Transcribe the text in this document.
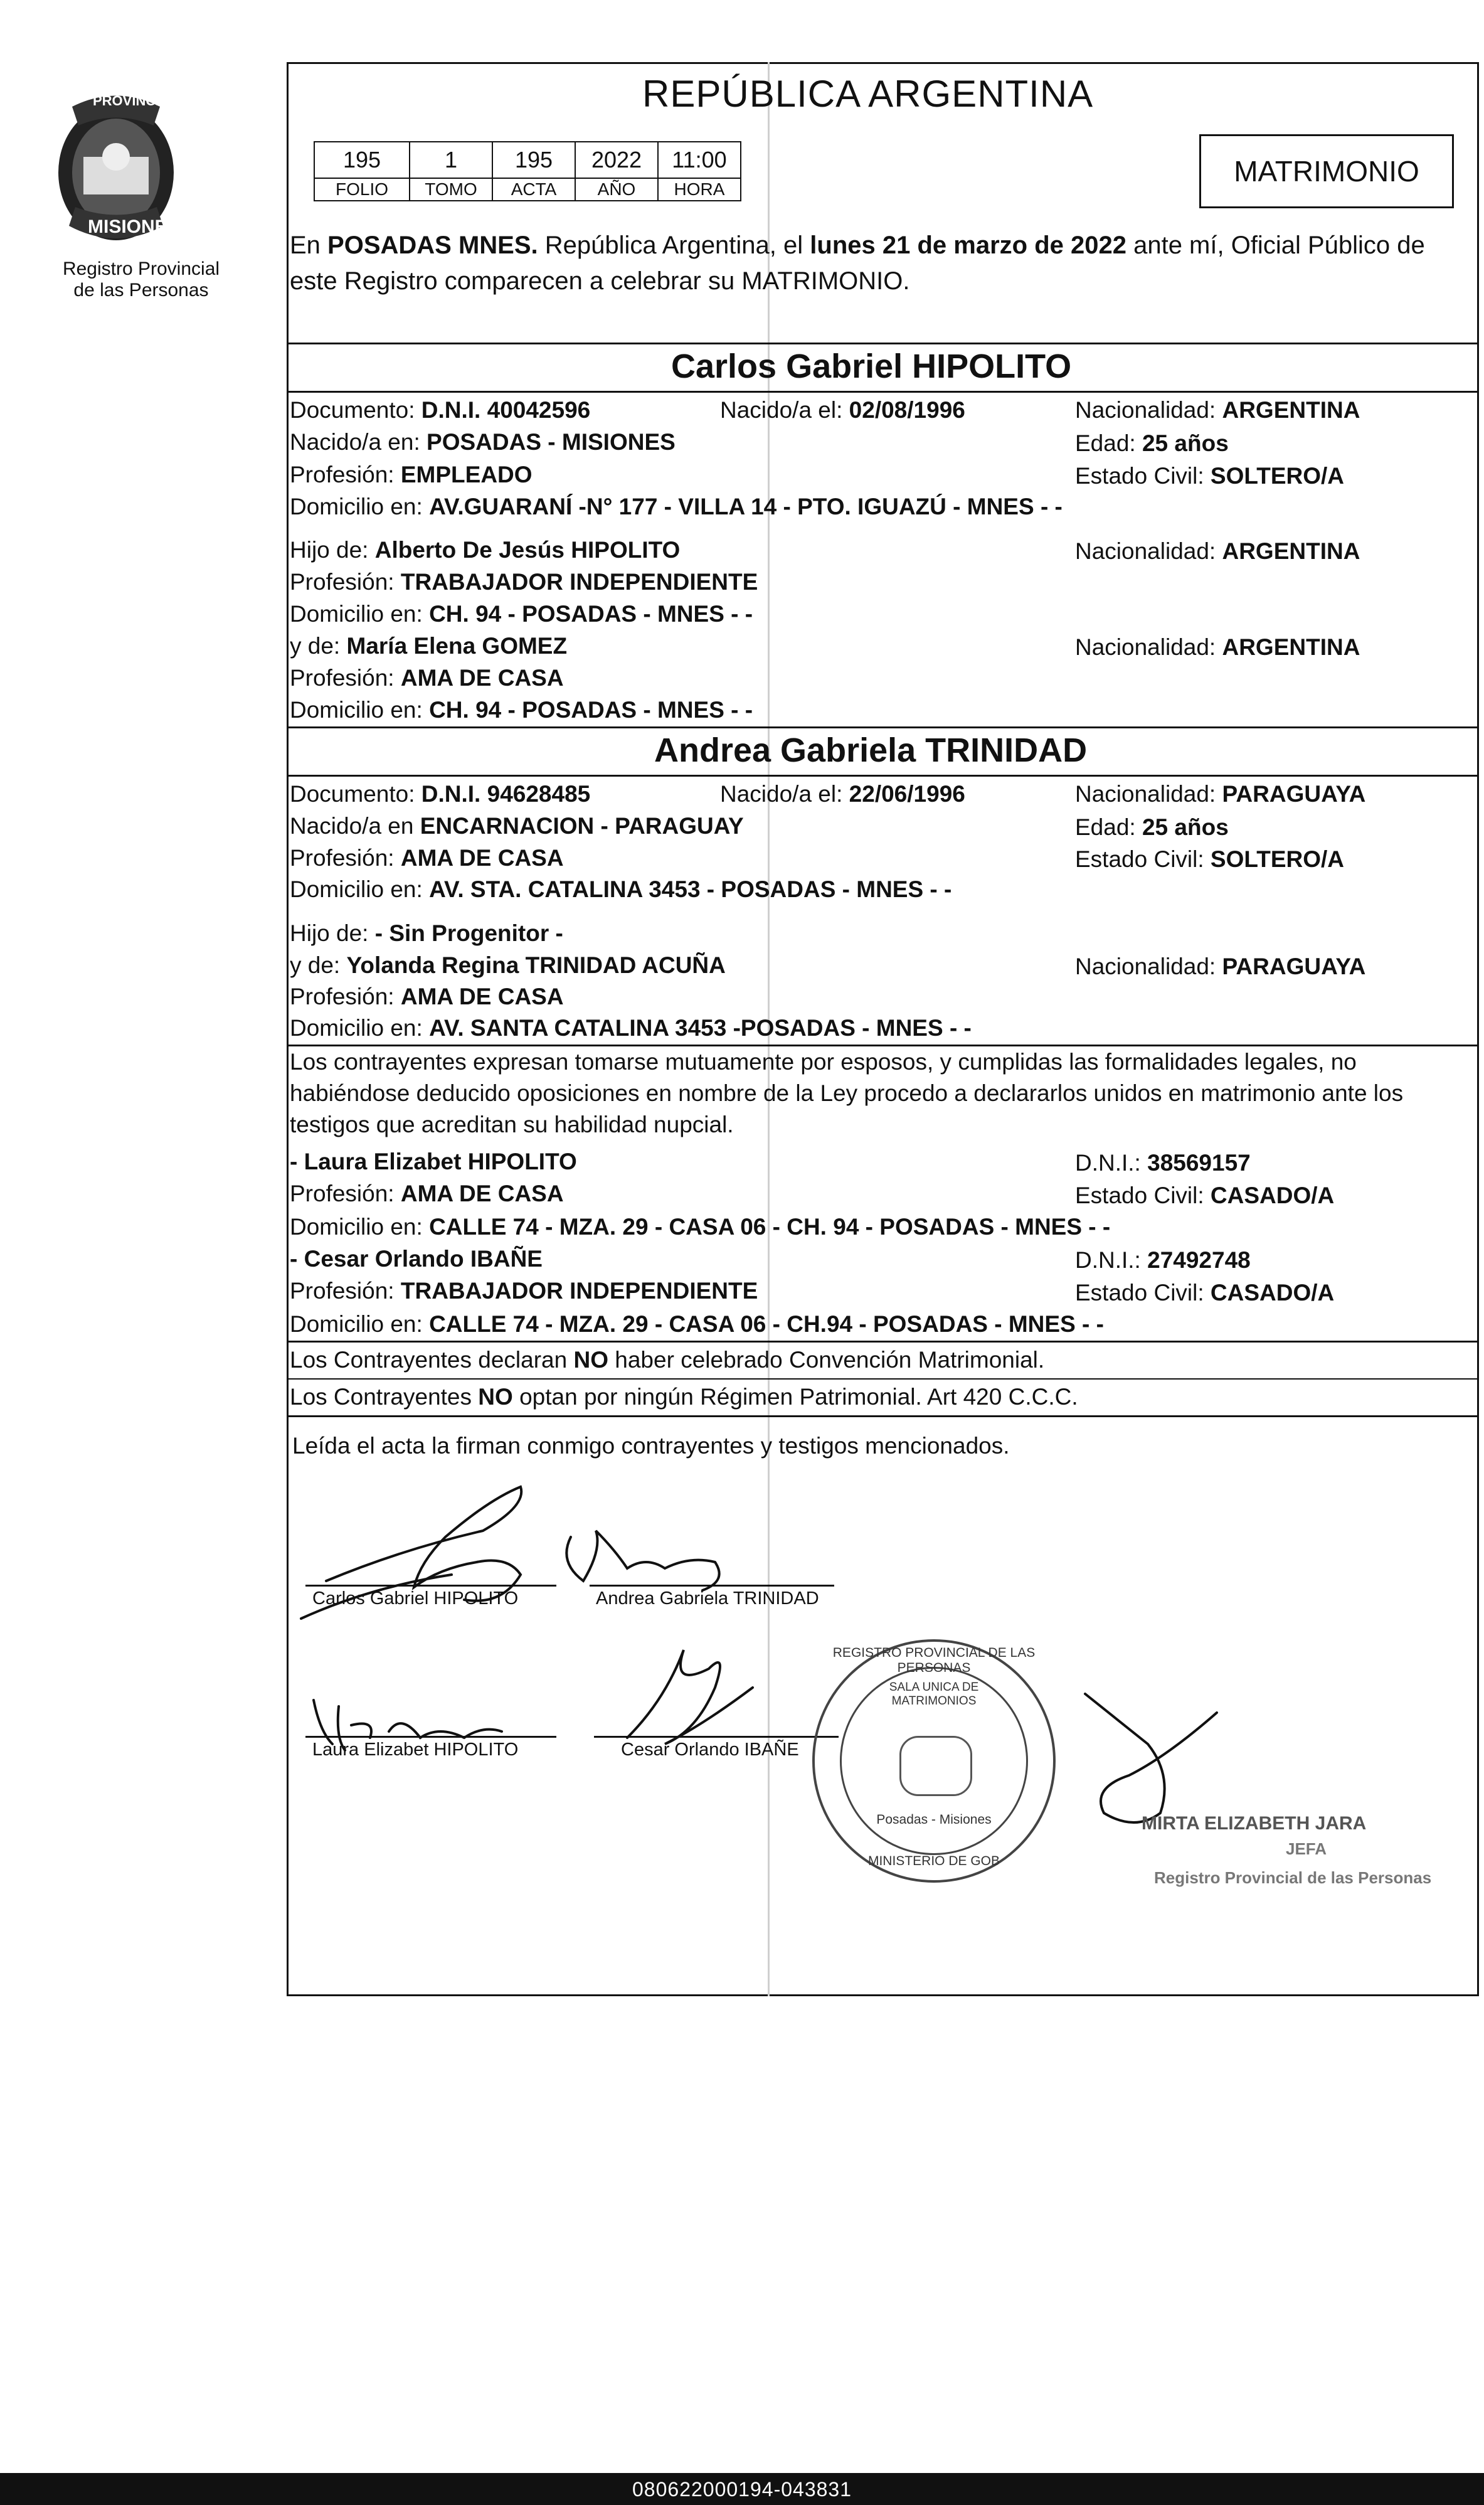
PROVINCIA DE
MISIONES
Registro Provincial
de las Personas
REPÚBLICA ARGENTINA
195	1	195	2022	11:00
FOLIO	TOMO	ACTA	AÑO	HORA
MATRIMONIO
En POSADAS MNES. República Argentina, el lunes 21 de marzo de 2022 ante mí, Oficial Público de este Registro comparecen a celebrar su MATRIMONIO.
Carlos Gabriel HIPOLITO
Documento: D.N.I. 40042596	Nacido/a el: 02/08/1996	Nacionalidad: ARGENTINA
Nacido/a en: POSADAS - MISIONES	Edad: 25 años
Profesión: EMPLEADO	Estado Civil: SOLTERO/A
Domicilio en: AV.GUARANÍ -N° 177 - VILLA 14 - PTO. IGUAZÚ - MNES - -
Hijo de: Alberto De Jesús HIPOLITO	Nacionalidad: ARGENTINA
Profesión: TRABAJADOR INDEPENDIENTE
Domicilio en: CH. 94 - POSADAS - MNES - -
y de: María Elena GOMEZ	Nacionalidad: ARGENTINA
Profesión: AMA DE CASA
Domicilio en: CH. 94 - POSADAS - MNES - -
Andrea Gabriela TRINIDAD
Documento: D.N.I. 94628485	Nacido/a el: 22/06/1996	Nacionalidad: PARAGUAYA
Nacido/a en ENCARNACION - PARAGUAY	Edad: 25 años
Profesión: AMA DE CASA	Estado Civil: SOLTERO/A
Domicilio en: AV. STA. CATALINA 3453 - POSADAS - MNES - -
Hijo de: - Sin Progenitor -
y de: Yolanda Regina TRINIDAD ACUÑA	Nacionalidad: PARAGUAYA
Profesión: AMA DE CASA
Domicilio en: AV. SANTA CATALINA 3453 -POSADAS - MNES - -
Los contrayentes expresan tomarse mutuamente por esposos, y cumplidas las formalidades legales, no habiéndose deducido oposiciones en nombre de la Ley procedo a declararlos unidos en matrimonio ante los testigos que acreditan su habilidad nupcial.
- Laura Elizabet HIPOLITO	D.N.I.: 38569157
Profesión: AMA DE CASA	Estado Civil: CASADO/A
Domicilio en: CALLE 74 - MZA. 29 - CASA 06 - CH. 94 - POSADAS - MNES - -
- Cesar Orlando IBAÑE	D.N.I.: 27492748
Profesión: TRABAJADOR INDEPENDIENTE	Estado Civil: CASADO/A
Domicilio en: CALLE 74 - MZA. 29 - CASA 06 - CH.94 - POSADAS - MNES - -
Los Contrayentes declaran NO haber celebrado Convención Matrimonial.
Los Contrayentes NO optan por ningún Régimen Patrimonial. Art 420 C.C.C.
Leída el acta la firman conmigo contrayentes y testigos mencionados.
Carlos Gabriel HIPOLITO	Andrea Gabriela TRINIDAD
Laura Elizabet HIPOLITO	Cesar Orlando IBAÑE
REGISTRO PROVINCIAL DE LAS PERSONAS
SALA UNICA DE MATRIMONIOS
Posadas - Misiones
MINISTERIO DE GOB
MIRTA ELIZABETH JARA
JEFA
Registro Provincial de las Personas
080622000194-043831
